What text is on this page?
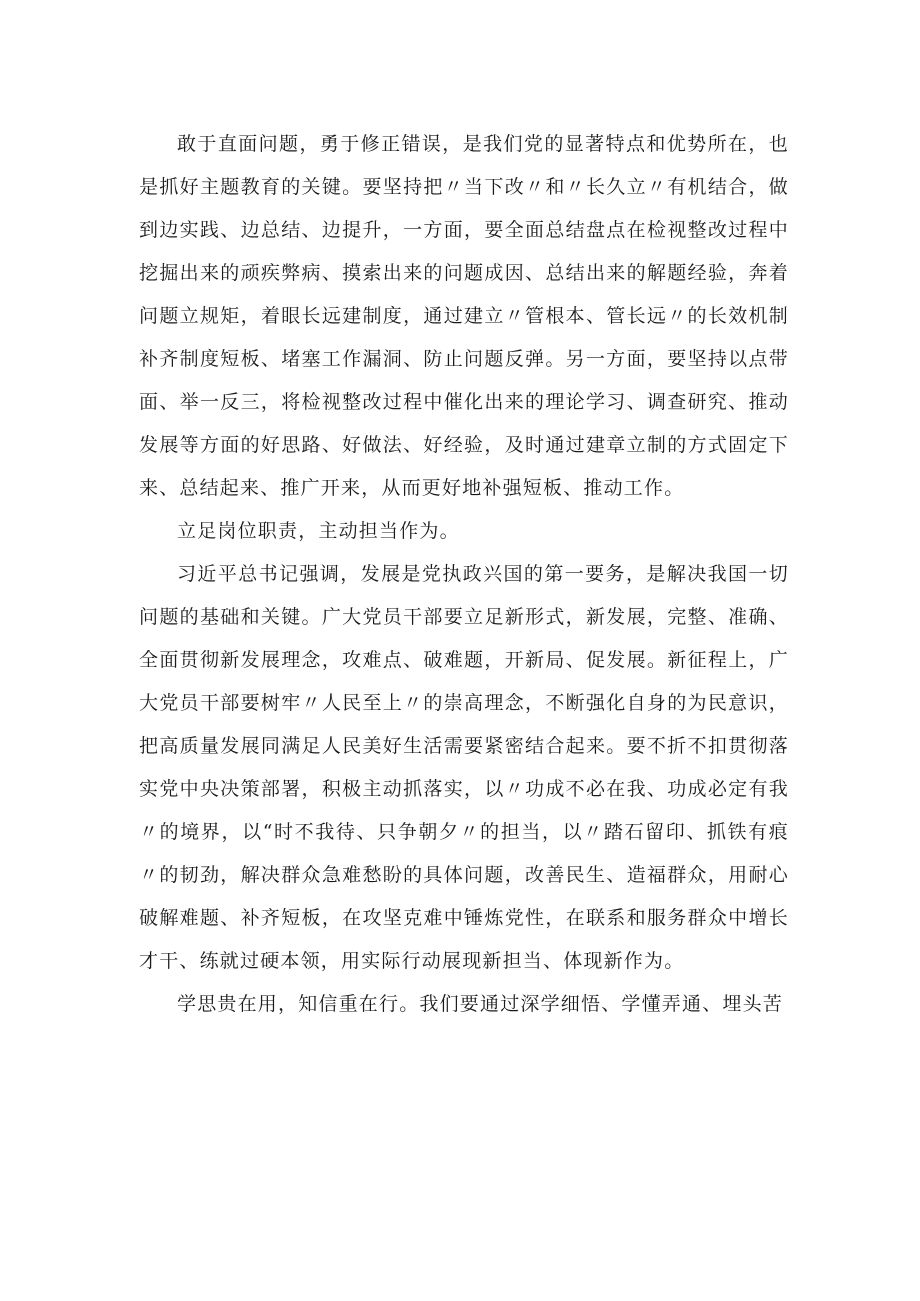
敢于直面问题，勇于修正错误，是我们党的显著特点和优势所在，也是抓好主题教育的关键。要坚持把〃当下改〃和〃长久立〃有机结合，做到边实践、边总结、边提升，一方面，要全面总结盘点在检视整改过程中挖掘出来的顽疾弊病、摸索出来的问题成因、总结出来的解题经验，奔着问题立规矩，着眼长远建制度，通过建立〃管根本、管长远〃的长效机制补齐制度短板、堵塞工作漏洞、防止问题反弹。另一方面，要坚持以点带面、举一反三，将检视整改过程中催化出来的理论学习、调查研究、推动发展等方面的好思路、好做法、好经验，及时通过建章立制的方式固定下来、总结起来、推广开来，从而更好地补强短板、推动工作。

立足岗位职责，主动担当作为。

习近平总书记强调，发展是党执政兴国的第一要务，是解决我国一切问题的基础和关键。广大党员干部要立足新形式，新发展，完整、准确、全面贯彻新发展理念，攻难点、破难题，开新局、促发展。新征程上，广大党员干部要树牢〃人民至上〃的崇高理念，不断强化自身的为民意识，把高质量发展同满足人民美好生活需要紧密结合起来。要不折不扣贯彻落实党中央决策部署，积极主动抓落实，以〃功成不必在我、功成必定有我〃的境界，以“时不我待、只争朝夕〃的担当，以〃踏石留印、抓铁有痕〃的韧劲，解决群众急难愁盼的具体问题，改善民生、造福群众，用耐心破解难题、补齐短板，在攻坚克难中锤炼党性，在联系和服务群众中增长才干、练就过硬本领，用实际行动展现新担当、体现新作为。

学思贵在用，知信重在行。我们要通过深学细悟、学懂弄通、埋头苦
